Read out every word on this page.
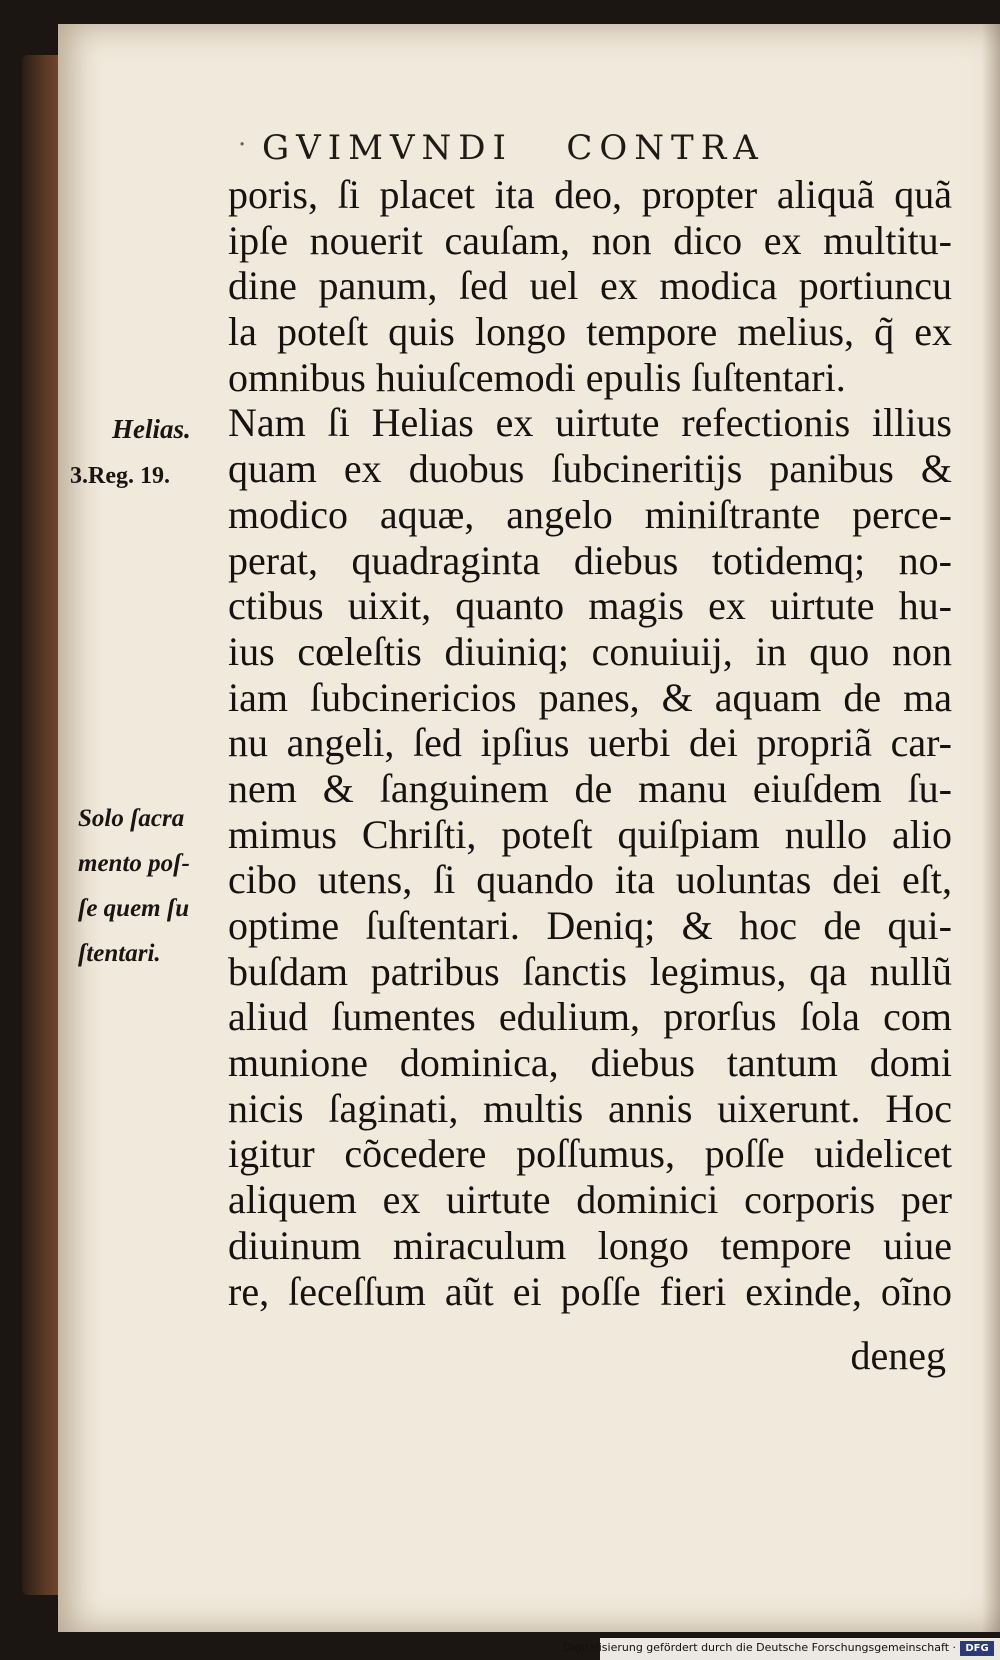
· GVIMVNDI   CONTRA
Helias.
3.Reg. 19.
Solo ſacra
mento poſ-
ſe quem ſu
ſtentari.
poris, ſi placet ita deo, propter aliquã quã
ipſe nouerit cauſam, non dico ex multitu-
dine panum, ſed uel ex modica portiuncu
la poteſt quis longo tempore melius, q̃ ex
omnibus huiuſcemodi epulis ſuſtentari.
Nam ſi Helias ex uirtute refectionis illius
quam ex duobus ſubcineritijs panibus &
modico aquæ, angelo miniſtrante perce-
perat, quadraginta diebus totidemq; no-
ctibus uixit, quanto magis ex uirtute hu-
ius cœleſtis diuiniq; conuiuij, in quo non
iam ſubcinericios panes, & aquam de ma
nu angeli, ſed ipſius uerbi dei propriã car-
nem & ſanguinem de manu eiuſdem ſu-
mimus Chriſti, poteſt quiſpiam nullo alio
cibo utens, ſi quando ita uoluntas dei eſt,
optime ſuſtentari. Deniq; & hoc de qui-
buſdam patribus ſanctis legimus, qa nullũ
aliud ſumentes edulium, prorſus ſola com
munione dominica, diebus tantum domi
nicis ſaginati, multis annis uixerunt. Hoc
igitur cõcedere poſſumus, poſſe uidelicet
aliquem ex uirtute dominici corporis per
diuinum miraculum longo tempore uiue
re, ſeceſſum aũt ei poſſe fieri exinde, oĩno
deneg
Digitalisierung gefördert durch die Deutsche Forschungsgemeinschaft · DFG
